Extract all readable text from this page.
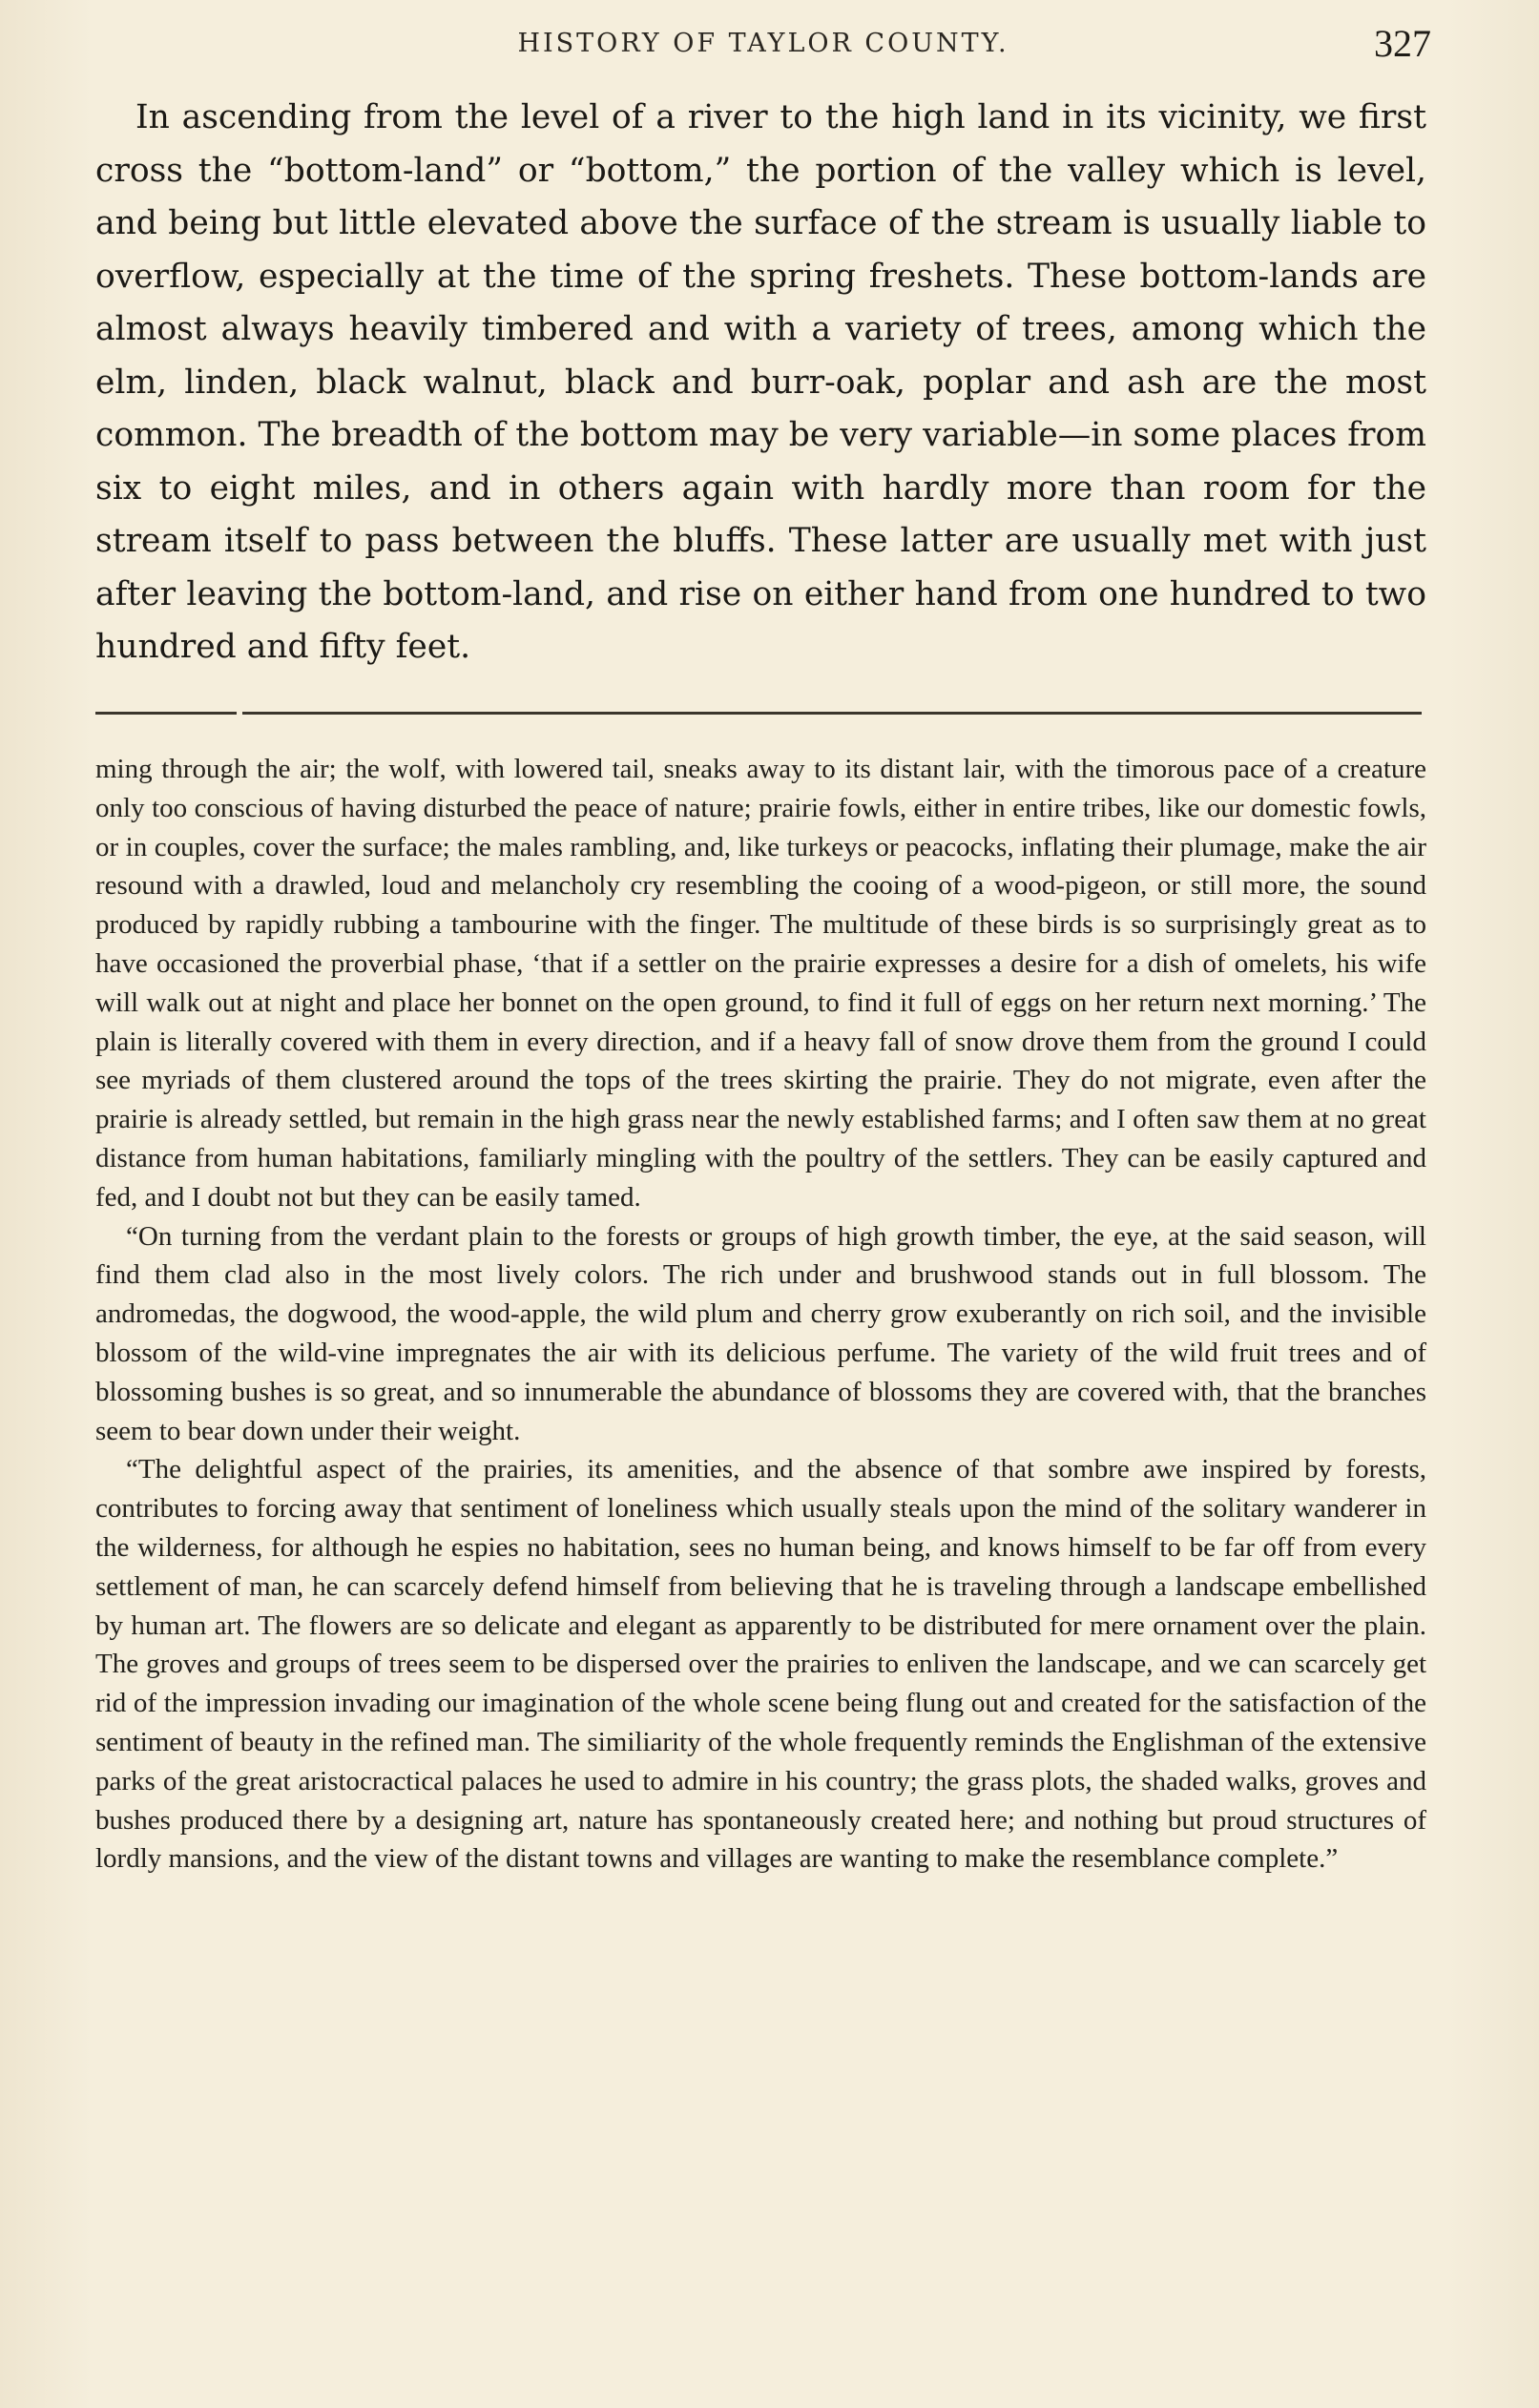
HISTORY OF TAYLOR COUNTY.	327

In ascending from the level of a river to the high land in its vicinity, we first cross the “bottom-land” or “bottom,” the portion of the valley which is level, and being but little elevated above the surface of the stream is usually liable to overflow, especially at the time of the spring freshets. These bottom-lands are almost always heavily timbered and with a variety of trees, among which the elm, linden, black walnut, black and burr-oak, poplar and ash are the most common. The breadth of the bottom may be very variable—in some places from six to eight miles, and in others again with hardly more than room for the stream itself to pass between the bluffs. These latter are usually met with just after leaving the bottom-land, and rise on either hand from one hundred to two hundred and fifty feet.

ming through the air; the wolf, with lowered tail, sneaks away to its distant lair, with the timorous pace of a creature only too conscious of having disturbed the peace of nature; prairie fowls, either in entire tribes, like our domestic fowls, or in couples, cover the surface; the males rambling, and, like turkeys or peacocks, inflating their plumage, make the air resound with a drawled, loud and melancholy cry resembling the cooing of a wood-pigeon, or still more, the sound produced by rapidly rubbing a tambourine with the finger. The multitude of these birds is so surprisingly great as to have occasioned the proverbial phase, ‘that if a settler on the prairie expresses a desire for a dish of omelets, his wife will walk out at night and place her bonnet on the open ground, to find it full of eggs on her return next morning.’ The plain is literally covered with them in every direction, and if a heavy fall of snow drove them from the ground I could see myriads of them clustered around the tops of the trees skirting the prairie. They do not migrate, even after the prairie is already settled, but remain in the high grass near the newly established farms; and I often saw them at no great distance from human habitations, familiarly mingling with the poultry of the settlers. They can be easily captured and fed, and I doubt not but they can be easily tamed.

“On turning from the verdant plain to the forests or groups of high growth timber, the eye, at the said season, will find them clad also in the most lively colors. The rich under and brushwood stands out in full blossom. The andromedas, the dogwood, the wood-apple, the wild plum and cherry grow exuberantly on rich soil, and the invisible blossom of the wild-vine impregnates the air with its delicious perfume. The variety of the wild fruit trees and of blossoming bushes is so great, and so innumerable the abundance of blossoms they are covered with, that the branches seem to bear down under their weight.

“The delightful aspect of the prairies, its amenities, and the absence of that sombre awe inspired by forests, contributes to forcing away that sentiment of loneliness which usually steals upon the mind of the solitary wanderer in the wilderness, for although he espies no habitation, sees no human being, and knows himself to be far off from every settlement of man, he can scarcely defend himself from believing that he is traveling through a landscape embellished by human art. The flowers are so delicate and elegant as apparently to be distributed for mere ornament over the plain. The groves and groups of trees seem to be dispersed over the prairies to enliven the landscape, and we can scarcely get rid of the impression invading our imagination of the whole scene being flung out and created for the satisfaction of the sentiment of beauty in the refined man. The similiarity of the whole frequently reminds the Englishman of the extensive parks of the great aristocractical palaces he used to admire in his country; the grass plots, the shaded walks, groves and bushes produced there by a designing art, nature has spontaneously created here; and nothing but proud structures of lordly mansions, and the view of the distant towns and villages are wanting to make the resemblance complete.”
